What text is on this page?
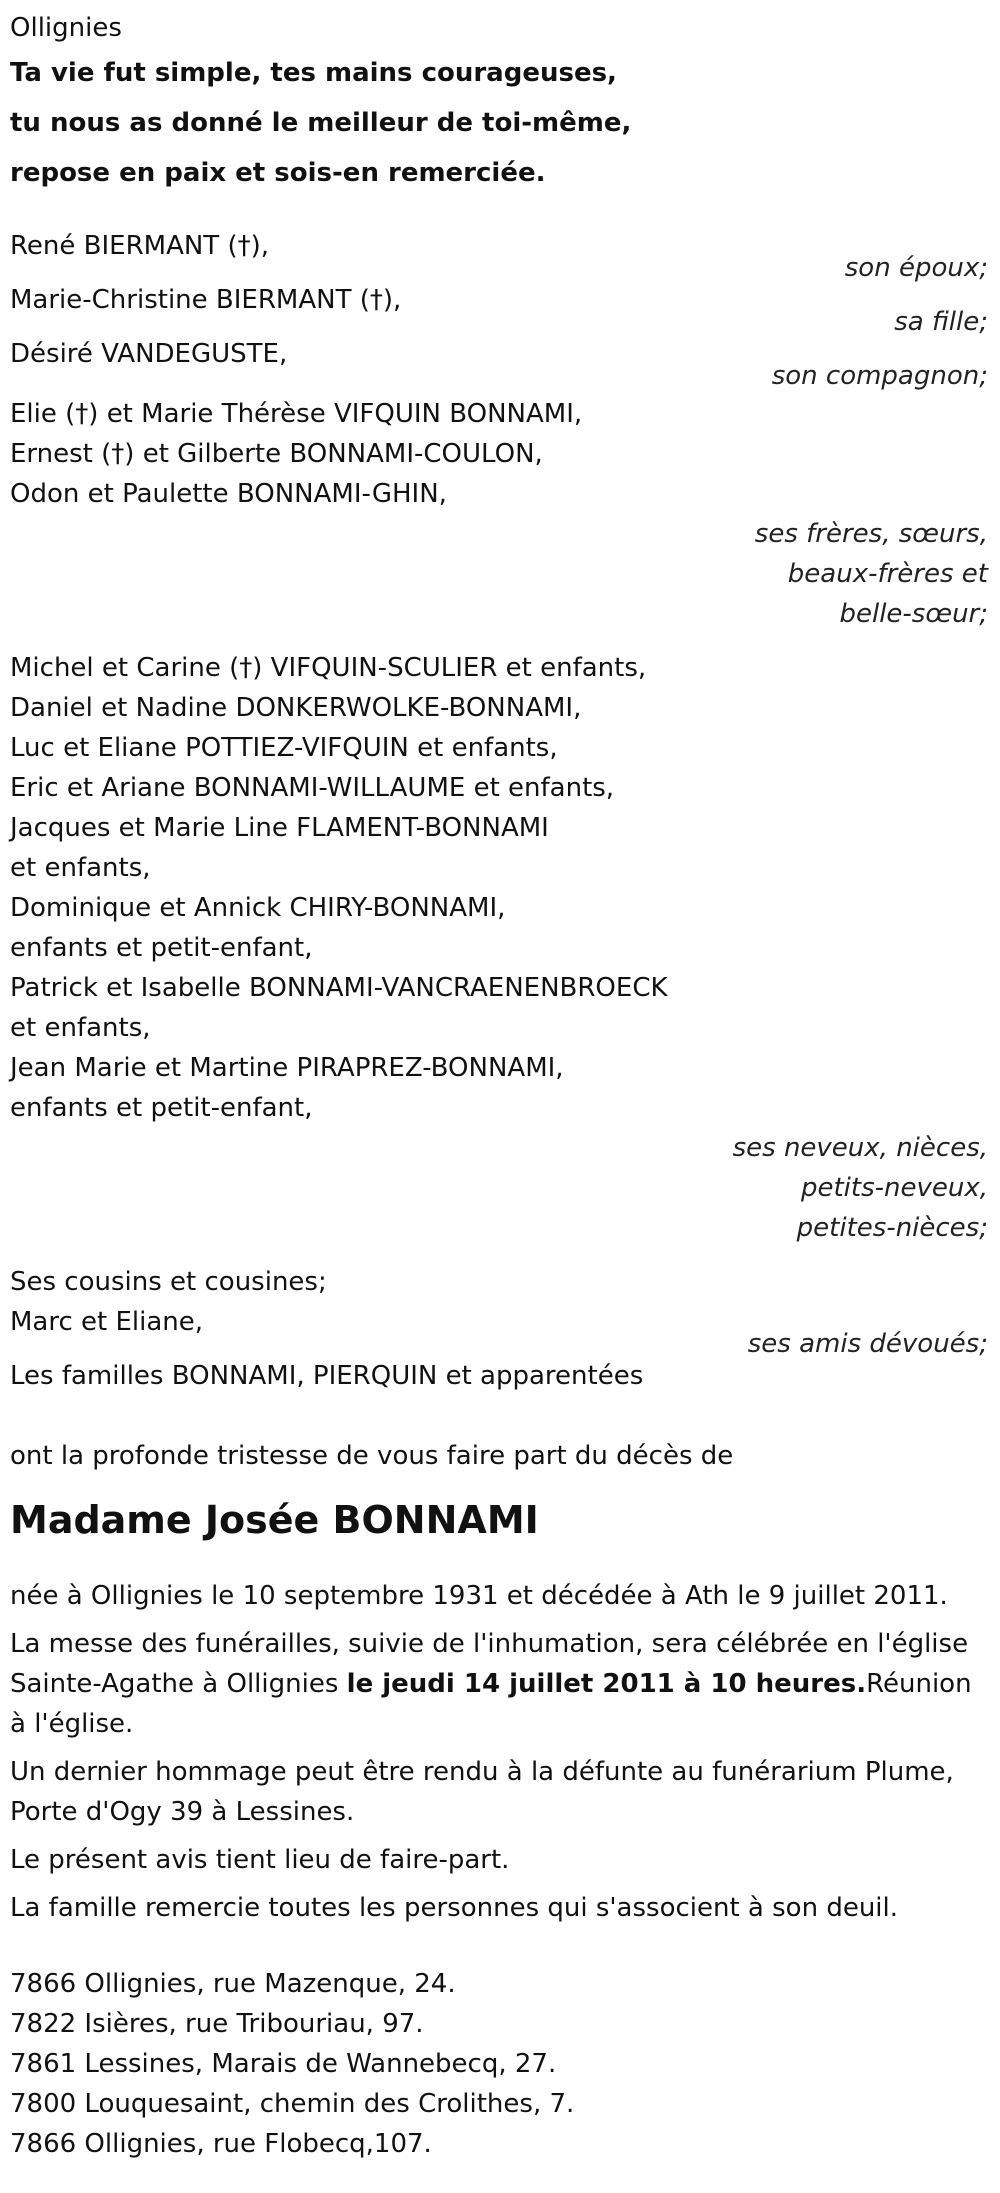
Ollignies
Ta vie fut simple, tes mains courageuses,
tu nous as donné le meilleur de toi-même,
repose en paix et sois-en remerciée.
René BIERMANT (†),
son époux;
Marie-Christine BIERMANT (†),
sa fille;
Désiré VANDEGUSTE,
son compagnon;
Elie (†) et Marie Thérèse VIFQUIN BONNAMI,
Ernest (†) et Gilberte BONNAMI-COULON,
Odon et Paulette BONNAMI-GHIN,
ses frères, sœurs,
beaux-frères et
belle-sœur;
Michel et Carine (†) VIFQUIN-SCULIER et enfants,
Daniel et Nadine DONKERWOLKE-BONNAMI,
Luc et Eliane POTTIEZ-VIFQUIN et enfants,
Eric et Ariane BONNAMI-WILLAUME et enfants,
Jacques et Marie Line FLAMENT-BONNAMI
et enfants,
Dominique et Annick CHIRY-BONNAMI,
enfants et petit-enfant,
Patrick et Isabelle BONNAMI-VANCRAENENBROECK
et enfants,
Jean Marie et Martine PIRAPREZ-BONNAMI,
enfants et petit-enfant,
ses neveux, nièces,
petits-neveux,
petites-nièces;
Ses cousins et cousines;
Marc et Eliane,
ses amis dévoués;
Les familles BONNAMI, PIERQUIN et apparentées
ont la profonde tristesse de vous faire part du décès de
Madame Josée BONNAMI
née à Ollignies le 10 septembre 1931 et décédée à Ath le 9 juillet 2011.
La messe des funérailles, suivie de l'inhumation, sera célébrée en l'église Sainte-Agathe à Ollignies le jeudi 14 juillet 2011 à 10 heures.Réunion à l'église.
Un dernier hommage peut être rendu à la défunte au funérarium Plume, Porte d'Ogy 39 à Lessines.
Le présent avis tient lieu de faire-part.
La famille remercie toutes les personnes qui s'associent à son deuil.
7866 Ollignies, rue Mazenque, 24.
7822 Isières, rue Tribouriau, 97.
7861 Lessines, Marais de Wannebecq, 27.
7800 Louquesaint, chemin des Crolithes, 7.
7866 Ollignies, rue Flobecq,107.
